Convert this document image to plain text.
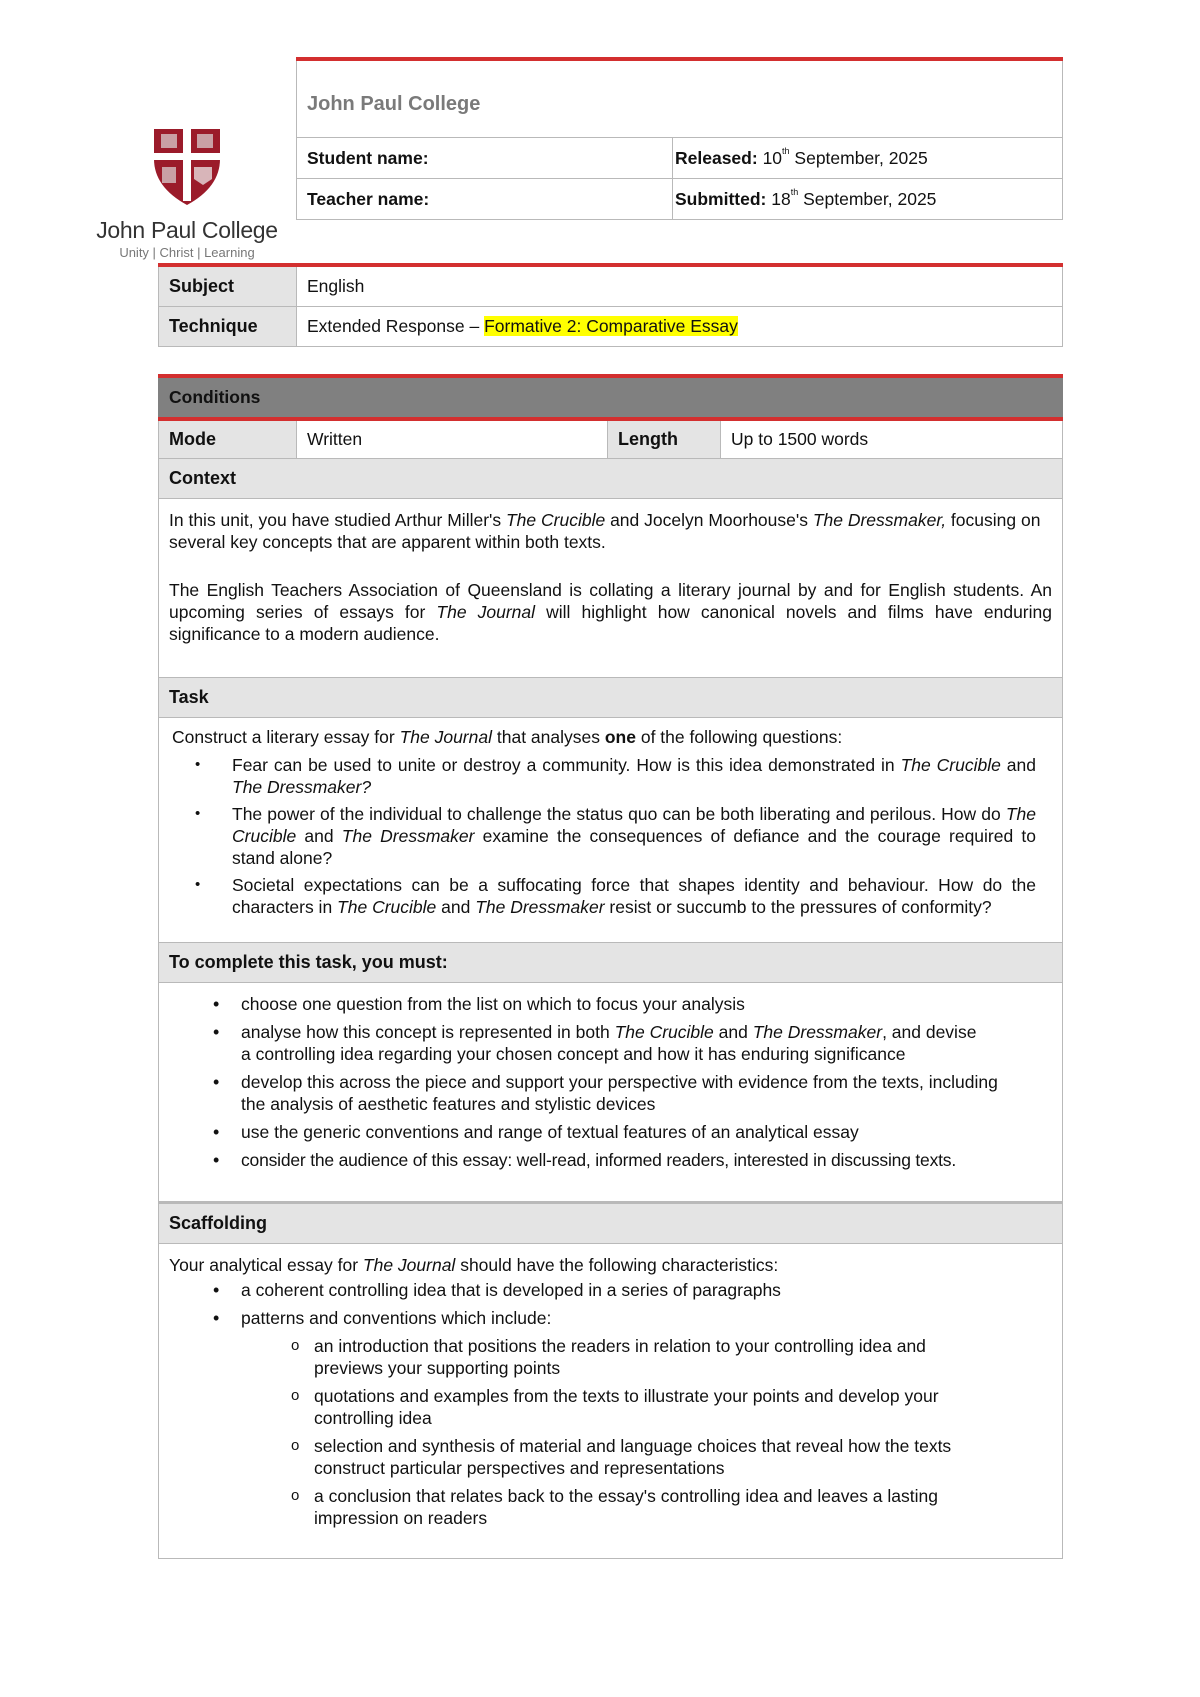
John Paul College
Unity | Christ | Learning
John Paul College	
Student name:	Released: 10th September, 2025
Teacher name:	Submitted: 18th September, 2025
Subject	English
Technique	Extended Response – Formative 2: Comparative Essay
Conditions
Mode	Written	Length	Up to 1500 words
Context

In this unit, you have studied Arthur Miller's The Crucible and Jocelyn Moorhouse's The Dressmaker, focusing on several key concepts that are apparent within both texts.
The English Teachers Association of Queensland is collating a literary journal by and for English students. An upcoming series of essays for The Journal will highlight how canonical novels and films have enduring significance to a modern audience.

Task

Construct a literary essay for The Journal that analyses one of the following questions:
• Fear can be used to unite or destroy a community. How is this idea demonstrated in The Crucible and The Dressmaker?
• The power of the individual to challenge the status quo can be both liberating and perilous. How do The Crucible and The Dressmaker examine the consequences of defiance and the courage required to stand alone?
• Societal expectations can be a suffocating force that shapes identity and behaviour. How do the characters in The Crucible and The Dressmaker resist or succumb to the pressures of conformity?

To complete this task, you must:

• choose one question from the list on which to focus your analysis
• analyse how this concept is represented in both The Crucible and The Dressmaker, and devise a controlling idea regarding your chosen concept and how it has enduring significance
• develop this across the piece and support your perspective with evidence from the texts, including the analysis of aesthetic features and stylistic devices
• use the generic conventions and range of textual features of an analytical essay
• consider the audience of this essay: well-read, informed readers, interested in discussing texts.

Scaffolding

Your analytical essay for The Journal should have the following characteristics:
• a coherent controlling idea that is developed in a series of paragraphs
• patterns and conventions which include:
o an introduction that positions the readers in relation to your controlling idea and previews your supporting points
o quotations and examples from the texts to illustrate your points and develop your controlling idea
o selection and synthesis of material and language choices that reveal how the texts construct particular perspectives and representations
o a conclusion that relates back to the essay's controlling idea and leaves a lasting impression on readers
